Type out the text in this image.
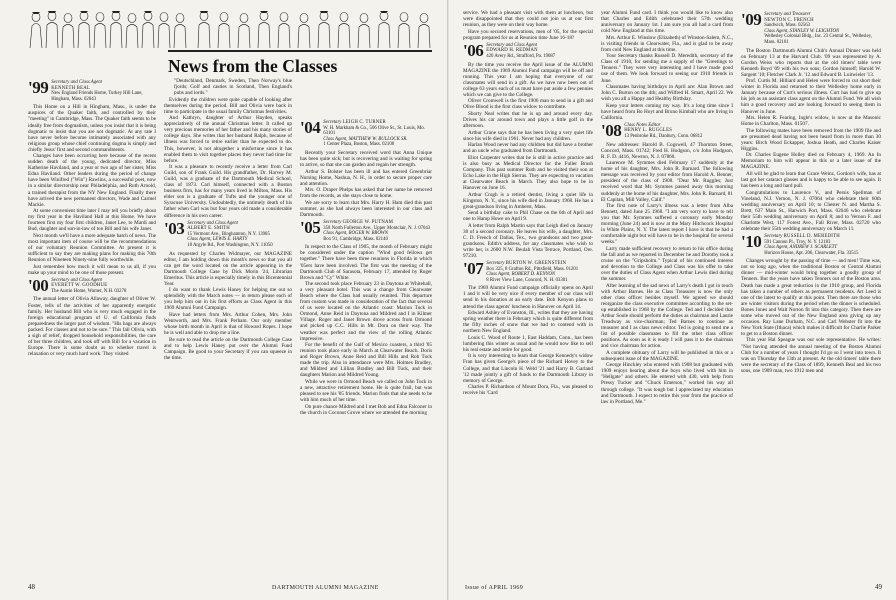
News from the Classes
'99 Secretary and Class Agent
KENNETH BEAL
New England Friends Home, Turkey Hill Lane, Hingham, Mass. 02043

This Home on a Hill in Hingham, Mass., is under the auspices of the Quaker faith, and controlled by their "meeting" in Cambridge, Mass. The Quaker faith seems to be ideally free from dogmatism, unless you insist that it is being dogmatic to insist that you are not dogmatic. At any rate I have never before become intimately associated with any religious group whose chief continuing dogma is simply and chiefly Jesus' first and second commandments.

Changes have been occurring here because of the recent sudden death of the young, dedicated director, Miss Katherine Haviland, and a year or two ago of her sister, Miss Edna Haviland. Other leaders during the period of change have been Winifred ("Win") Rawlins, a successful poet, now in a similar directorship near Philadelphia, and Ruth Arnold, a trained therapist from the NY New England. Finally there have arrived the new permanent directors, Wade and Carmel Mackie.

At some convenient time later I may tell you briefly about my first year in the Haviland Hall at this Home. We have fourteen first my four first children, Janet Lee, to Mardi and Bud, daughter and son-in-law of ton Bill and his wife Janet.

Next month we'll have a more adequate batch of news. The most important item of course will be the recommendations of our voluntary Reunion Committee. At present it is sufficient to say they are making plans for making this 70th Reunion of Nineteen Ninety-nine fully worthwhile.

Just remember how much it will mean to us all, if you make up your mind to be one of those present.

'00 Secretary and Class Agent
EVERETT W. GOODHUE
The Austin Home, Warner, N.H. 03278

The annual letter of Olivia Allaway, daughter of Oliver W. Foster, tells of the activities of her apparently energetic family. Her husband Bill who is very much engaged in the foreign educational program of U. of California finds preparedness the larger part of wisdom. "His bags are always packed. For classes and not to be sure." This fall Olivia, with a sigh of relief, dropped household responsibilities, the care of her three children, and took off with Bill for a vacation in Europe. There is some doubt as to whether travel is relaxation or very much hard work. They visited

"Deutschland, Denmark, Sweden, Then Norway's blue fjords; Golf and castles in Scotland, Then England's pubs and lords."

Evidently the children were quite capable of looking after themselves during the period. Bill and Olivia were back in time to participate in the usual family Christmas festivities.

And Kathryn, daughter of Arthur Hayden, speaks appreciatively of the annual Christmas letter. It called up very precious memories of her father and his many stories of college days. She writes that her husband Ralph, because of illness was forced to retire earlier than he expected to do. This, however, is not altogether a misfortune since it has enabled them to visit together places they never had time for before.

It was a pleasure to recently receive a letter from Carl Guild, son of Frank Guild. His grandfather, Dr. Harvey M. Guild, was a graduate of the Dartmouth Medical School, class of 1873. Carl himself, connected with a Boston business firm, has for many years lived in Milton, Mass. His elder son is a graduate of Tufts and the younger one of Syracuse University. Undoubtedly, the untimely death of his father when Carl was but four years old made a considerable difference in his own career.

'03 Secretary and Class Agent
ALBERT E. SMITH
15 Vermont Ave., Binghamton, N.Y. 13905
Class Agent, LEWIS E. HARTY
18 Argyle Rd., Port Washington, N.Y. 11050

As requested by Charles Widmayer, our MAGAZINE editor, I am holding down this month's news so that you all can get the word located on the article appearing in the Dartmouth College Case by Dick Morin '24, Librarian Emeritus. This article is especially timely in this Bicentennial Year.

I do want to thank Lewis Haney for helping me out so splendidly with the March notes — in return please each of you help him out in his first efforts as Class Agent in this 1969 Alumni Fund Campaign.

Have had letters from Mrs. Arthur Cohen, Mrs. John Wentworth, and Mrs. Frank Perham. Our only member whose birth month in April is that of Howard Ropes. I hope he is well and able to drop me a line.

Be sure to read the article on the Dartmouth College Case and to help Lewis Haney put over the Alumni Fund Campaign. Be good to your Secretary if you can squeeze in the time.

'04 Secretary LEIGH C. TURNER
W. H. Markham & Co., 506 Olive St., St. Louis, Mo. 63101
Class Agent, MATTHEW W. BULLOCK SR.
1 Center Plaza, Boston, Mass. 02108

Recently your Secretary received word that Anna Unique has been quite sick; but is recovering and is waiting for spring to arrive, so that she can garden and regain her strength.

Arthur S. Bolster has been ill and has entered Greenbriar Nursing Home, Nashua, N. H., in order to secure proper care and attention.

Mrs. O. Draper Phelps has asked that her name be removed from the records, as she stays close to home.

We are sorry to learn that Mrs. Harry H. Ham died this past summer, as she had always been interested in our class and Dartmouth.

'05 Secretary GEORGE W. PUTNAM
358 North Fullerton Ave., Upper Montclair, N. J. 07043
Class Agent, ROGER W. BROWN
Box 91, Cambridge, Mass. 02140

In respect to the Class of 1905, the month of February might be considered under the caption "Wind good fellows get together." There have been three reunions in Florida in which '05ers have been involved. The first was the meeting of the Dartmouth Club of Sarasota, February 17, attended by Roger Brown and "Cy" White.

The second took place February 23 in Daytona at Whitehall, a very pleasant hotel. This was a change from Clearwater Beach where the Class had usually reunited. This departure from custom was made in consideration of the fact that several of us were located on the Atlantic coast: Marion Tuck in Ormond, Anne Reid in Daytona and Mildred and I in Kilmer Village. Roger and Janet Brown drove across from Ormond and picked up C.C. Hills in Mt. Dora on their way. The weather was perfect and the view of the rolling Atlantic impressive.

For the benefit of the Gulf of Mexico coasters, a third '05 reunion took place early in March at Clearwater Beach. Doris and Roger Brown, Anne Reid and Bill Hills and Rob Tuck made the trip. Also in attendance were Mrs. Holmes Bradley, and Mildred and Lillian Bradley and Bill Tuck, and their daughters Marion and Mildred Young.

While we were in Ormond Beach we called on John Tuck in a new, attractive retirement home. He is quite frail, but was pleased to see his '05 friends. Marion finds that she needs to be with him much of her time.

On pure chance Mildred and I met Bob and Edna Falconer in the church in Coconut Grove where we attended the morning

48	DARTMOUTH ALUMNI MAGAZINE

service. We had a pleasant visit with them at luncheon, but were disappointed that they could not join us at our first reunion, as they were on their way home.

Have you secured reservations, men of '05, for the special program prepared for us at Reunion time June 16-18?

'06 Secretary and Class Agent
EDWARD H. REDMAN
420 Avery Rd., Strafford, Pa. 19087

By the time you receive the April issue of the ALUMNI MAGAZINE the 1969 Alumni Fund campaign will be off and running. This year I am hoping that everyone of our classmates will send in a gift. As we have now been out of college 63 years each of us must have put aside a few pennies which we can give to the College.

Oliver Cromwell is the first 1906 man to send in a gift and Olive Blood is the first class widow to contribute.

Shorty Neal writes that he is up and around every day. Drives his car around town and plays a little golf in the afternoon.

Arthur Crane says that he has been living a very quiet life since his wife died in 1961. Never had any children.

Harlan Wood never had any children but did have a brother and an uncle who graduated from Dartmouth.

Eliot Carpenter writes that he is still in active practice and is also busy as Medical Director for the Fuller Brush Company. This past summer Ruth and he visited their son at Echo Lake in the High Sierras. They are expecting to vacation at Clearwater Beach in March. They also hope to be in Hanover on June 16.

Arthur Crugh is a retired dentist, living a quiet life in Kingston, N. Y., since his wife died in January 1968. He has a great-grandson living in Amherst, Mass.

Send a birthday cake to Phil Chase on the 6th of April and one to Hamp Howe on April 9.

A letter from Ralph Martin says that Leigh died on January 30 of a second coronary. He leaves his wife, a daughter, Mrs. C. D. French of Dallas, Tex., two grandsons and two great-grandsons. Edith's address, for any classmates who wish to write her, is 2600 N.W. Beulah Vista Terrace, Portland, Ore. 97210.

'07 Secretary BURTON W. GREENSTEIN
Box 325, 8 Grafton Rd., Pittsfield, Mass. 01201
Class Agent, ROBERT D. KENYON
8 River View Lane, Concord, N. H. 03301

The 1969 Alumni Fund campaign officially opens on April 1 and it will be very nice if every member of our class will send in his donation at an early date. Bob Kenyon plans to attend the class agents' luncheon in Hanover on April 14.

Edward Ashley of Evanston, Ill., writes that they are having spring weather there in February which is quite different from the fifty inches of snow that we had to contend with in northern New England.

Louis C. Wood of Route 1, East Haddam, Conn., has been lumbering this winter as usual and he would now like to sell his real estate and retire for good.

It is very interesting to learn that George Kennedy's widow Fran has given George's piece of the Richard Hovey to the College, and that Lincoln H. Weld '21 and Harry B. Garland '12 made jointly a gift of funds to the Dartmouth Library in memory of George.

Charles P. Richardson of Mount Dora, Fla., was pleased to receive his 'Card

year Alumni Fund card. I think you would like to know also that Charles and Edith celebrated their 57th wedding anniversary on January 1st. I am sure you all had a card from cold New England at this time.

Mrs. Arthur E. Winslow (Elizabeth) of Winston-Salem, N.C., is visiting friends in Clearwater, Fla., and is glad to be away from cold New England at this time.

Your Secretary thanks Russell D. Meredith, secretary of the Class of 1910, for sending me a supply of the "Greetings to Tenners." They were very interesting and I have made good use of them. We look forward to seeing our 1910 friends in June.

Classmates having birthdays in April are: Alan Brown and John C. Burton on the 4th; and Wilfred H. Smart, April 22. We wish you all a Happy and Healthy Birthday.

Keep your letters coming my way. It's a long time since I have heard from Bo Hoyt and Bruno Kimball who are living in California.

'08 Class Notes Editor
HENRY L. RUGGLES
13 Penbroke Rd., Danbury, Conn. 06812

New addresses: Harold B. Cogswell, 47 Thornton Street, Concord, Mass. 01742; Fred H. Hodgson, c/o John Hodgson, R. F. D. 4416, Newton, N. J. 07860.

Laurence M. Symmes died February 17 suddenly at the home of his daughter, Mrs. John R. Barnard. The following message was received by your editor from Harold A. Benner, president of the class of 1908. "Dear Mr. Ruggles; Just received word that Mr. Symmes passed away this morning suddenly at the home of his daughter, Mrs. John R. Barnard, 81 El Capitan, Mill Valley, Calif."

The first note of Larry's illness was a letter from Alba Bennett, dated June 25 1968. "I am very sorry to have to tell you that Mr. Symmes suffered a coronary early Monday morning (June 24) and is now at the Mary Hitchcock Hospital in White Plains, N. Y. The latest report I have is that he had a comfortable night but will have to be in the hospital for several weeks."

Larry made sufficient recovery to return to his office during the fall and as we reported in December he and Dorothy took a cruise on the "Gripsholm." Typical of his continued interest and devotion to the College and Class was his offer to take over the duties of Class Agent when Arthur Lewis died during the summer.

After learning of the sad news of Larry's death I got in touch with Arthur Barnes. He as Class Treasurer is now the only other class officer besides myself. We agreed we should reorganize the class executive committee according to the set-up established in 1968 by the College. Ted and I decided that Arthur Soule should perform the duties as chairman and Laurie Treadway as vice-chairman; Ted Barnes to continue as treasurer and I as class news editor. Ted is going to send me a list of possible classmates to fill the other class officer positions. As soon as it is ready I will pass it to the chairman and vice chairman for action.

A complete obituary of Larry will be published in this or a subsequent issue of the MAGAZINE.

George Hinckley who entered with 1908 but graduated with 1909 enjoys hearing about the boys who lived with him in "Hellgate" and others. He entered with 430, with help from Pressy Tucker and "Chuck Emerson," worked his way all through college. "It was tough but I appreciated my education and Dartmouth. I expect to retire this year from the practice of law in Portland, Me."

'09 Secretary and Treasurer
NEWTON C. FRENCH
Sandwich, Mass. 02563
Class Agent, STANLEY W. LEIGHTON
Wellesley Colonial Bldg., Inc. 23 Central St., Wellesley, Mass. 02181

The Boston Dartmouth Alumni Club's Annual Dinner was held on February 13 at the Harvard Club. '09 was represented by A. Gordon Weiss who reports that at the old timers' table were Kenneth Boyd '09 with his two sons; Gordon himself; Harold W. Sargent '10; Fletcher Clark Jr. '12 and Edward B. Luitwieler '13.

Prof. Curtis M. Hilliard and Helen were forced to cut short their winter in Florida and returned to their Wellesley home early in January because of Curt's serious illness. Curt has had to give up his job as an assistant class agent on the Alumni Fund. We all wish him a good recovery and are looking forward to seeing them in Hanover in June.

Mrs. Helen R. Fearing, Ingle's widow, is now at the Masonic Home in Charlton, Mass. 01507.

The following mates have been removed from the 1909 file and are presumed dead having not been heard from in more than 30 years: Birch Wood Eckapper, Joshua Heath, and Charles Kaiser Higgins.

Dr. Charles Eugene Holley died on February 4, 1969. An In Memoriam to him will appear in this or a later issue of the MAGAZINE.

All will be glad to learn that Grace Weinz, Gordon's wife, has at last got her cataract glasses and is happy to be able to see again. It has been a long and hard pull.

Congratulations to Laurence V., and Persis Spellman of Vineland, N.J. Vernon, N. J. 07064 who celebrate their 60th wedding anniversary on April 10; to Chester N. and Martha S. Brett, 637 Main St., Harwich Port, Mass. 02646 who celebrate their 55th wedding anniversary on April 8; and to Vernon F. and Charlotte West, 117 Forest Ave., Fall River, Mass. 02720 who celebrate their 55th wedding anniversary on March 11.

'10 Secretary RUSSELL D. MEREDITH
591 Cannon Pl., Troy, N. Y. 12183
Class Agent, ANDREW J. SCARLETT
Horizon House, Apt. 206, Clearwater, Fla. 33515

Changes wrought by the passing of time — and men! Time was, not so long ago, when the traditional Boston or Central Alumni dinner — mid-winter would bring together a goodly group of Tenners. But the years have taken Tenners out of the Boston area. Death has made a great reduction in the 1910 group, and Florida has taken a number of others as permanent residents. Art Leed is one of the latest to qualify at this point. Then there are those who are winter visitors during the period when the dinner is scheduled. Bones Jones and Walt Norton fit into this category. Then there are some who moved out of the New England area giving up any occasion. Ray Lane Durham, N.C. and Carl Webster fit into the New York State (Ithaca) which makes it difficult for Charlie Parker to get to a Boston dinner.

This year Hal Speague was our sole representative. He writes: "Not having attended the annual meeting of the Boston Alumni Club for a number of years I thought I'd go so I went into town. It was on Thursday the 13th at present. At the old timers' table there were the secretary of the Class of 1899, Kenneth Beal and his two sons, one 1909 man, two 1912 men and

Issue of APRIL 1969	49
